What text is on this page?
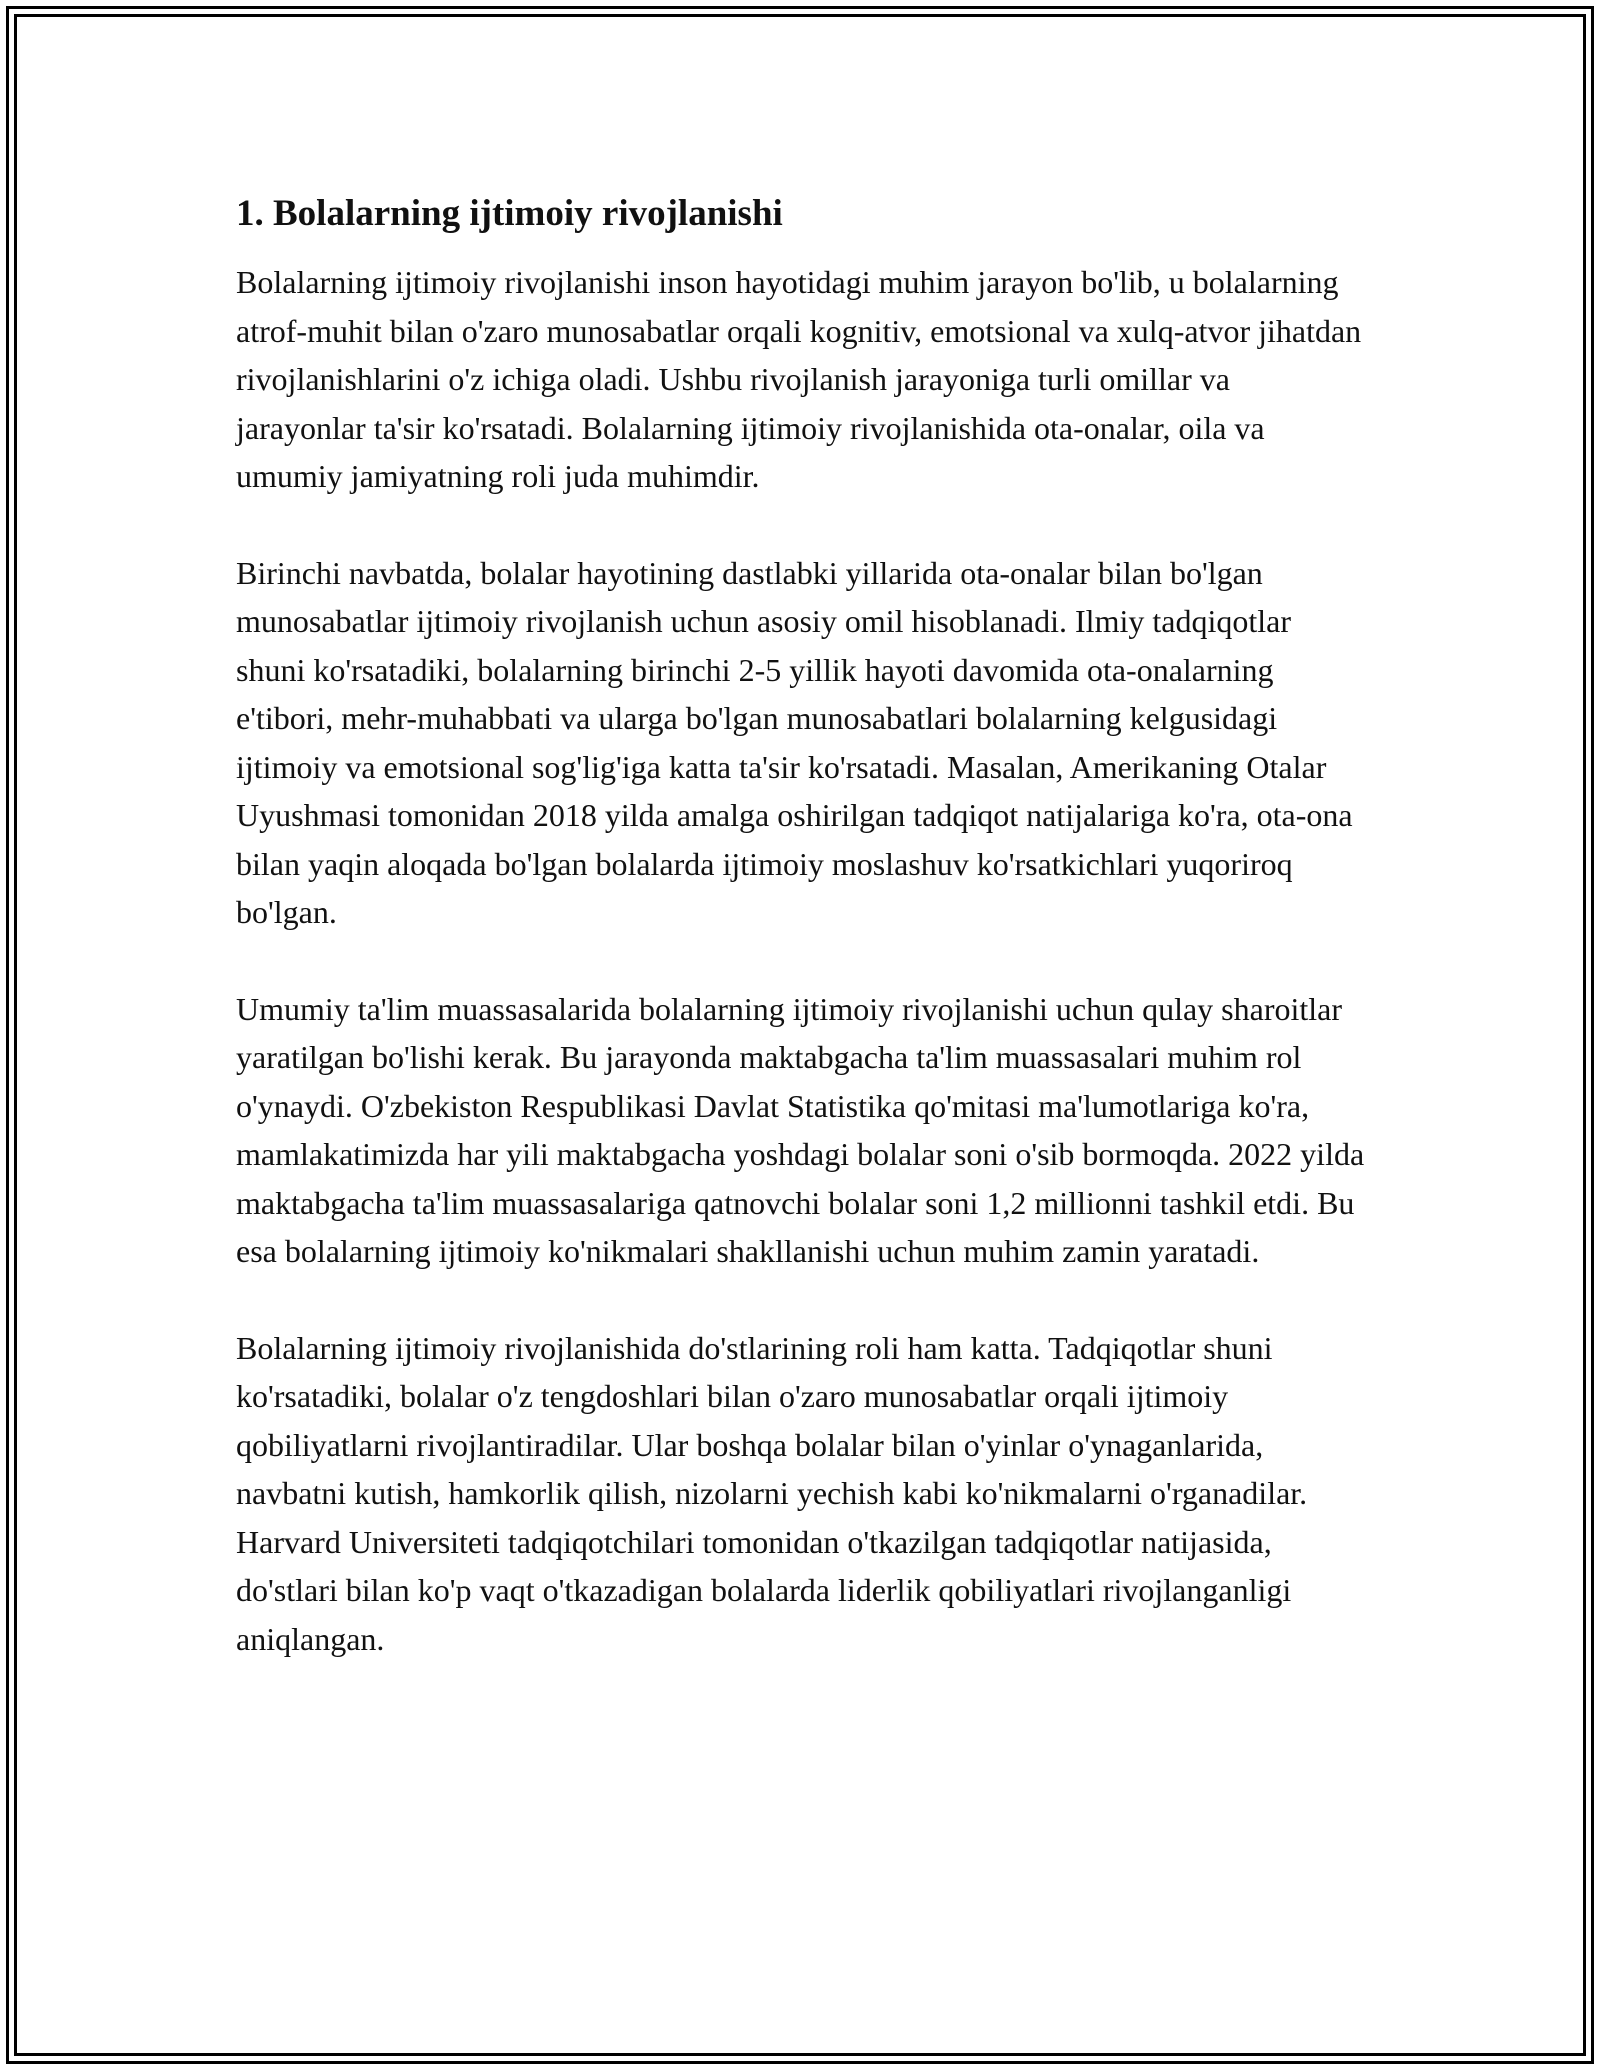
1. Bolalarning ijtimoiy rivojlanishi

Bolalarning ijtimoiy rivojlanishi inson hayotidagi muhim jarayon bo'lib, u bolalarning atrof-muhit bilan o'zaro munosabatlar orqali kognitiv, emotsional va xulq-atvor jihatdan rivojlanishlarini o'z ichiga oladi. Ushbu rivojlanish jarayoniga turli omillar va jarayonlar ta'sir ko'rsatadi. Bolalarning ijtimoiy rivojlanishida ota-onalar, oila va umumiy jamiyatning roli juda muhimdir.

Birinchi navbatda, bolalar hayotining dastlabki yillarida ota-onalar bilan bo'lgan munosabatlar ijtimoiy rivojlanish uchun asosiy omil hisoblanadi. Ilmiy tadqiqotlar shuni ko'rsatadiki, bolalarning birinchi 2-5 yillik hayoti davomida ota-onalarning e'tibori, mehr-muhabbati va ularga bo'lgan munosabatlari bolalarning kelgusidagi ijtimoiy va emotsional sog'lig'iga katta ta'sir ko'rsatadi. Masalan, Amerikaning Otalar Uyushmasi tomonidan 2018 yilda amalga oshirilgan tadqiqot natijalariga ko'ra, ota-ona bilan yaqin aloqada bo'lgan bolalarda ijtimoiy moslashuv ko'rsatkichlari yuqoriroq bo'lgan.

Umumiy ta'lim muassasalarida bolalarning ijtimoiy rivojlanishi uchun qulay sharoitlar yaratilgan bo'lishi kerak. Bu jarayonda maktabgacha ta'lim muassasalari muhim rol o'ynaydi. O'zbekiston Respublikasi Davlat Statistika qo'mitasi ma'lumotlariga ko'ra, mamlakatimizda har yili maktabgacha yoshdagi bolalar soni o'sib bormoqda. 2022 yilda maktabgacha ta'lim muassasalariga qatnovchi bolalar soni 1,2 millionni tashkil etdi. Bu esa bolalarning ijtimoiy ko'nikmalari shakllanishi uchun muhim zamin yaratadi.

Bolalarning ijtimoiy rivojlanishida do'stlarining roli ham katta. Tadqiqotlar shuni ko'rsatadiki, bolalar o'z tengdoshlari bilan o'zaro munosabatlar orqali ijtimoiy qobiliyatlarni rivojlantiradilar. Ular boshqa bolalar bilan o'yinlar o'ynaganlarida, navbatni kutish, hamkorlik qilish, nizolarni yechish kabi ko'nikmalarni o'rganadilar. Harvard Universiteti tadqiqotchilari tomonidan o'tkazilgan tadqiqotlar natijasida, do'stlari bilan ko'p vaqt o'tkazadigan bolalarda liderlik qobiliyatlari rivojlanganligi aniqlangan.
